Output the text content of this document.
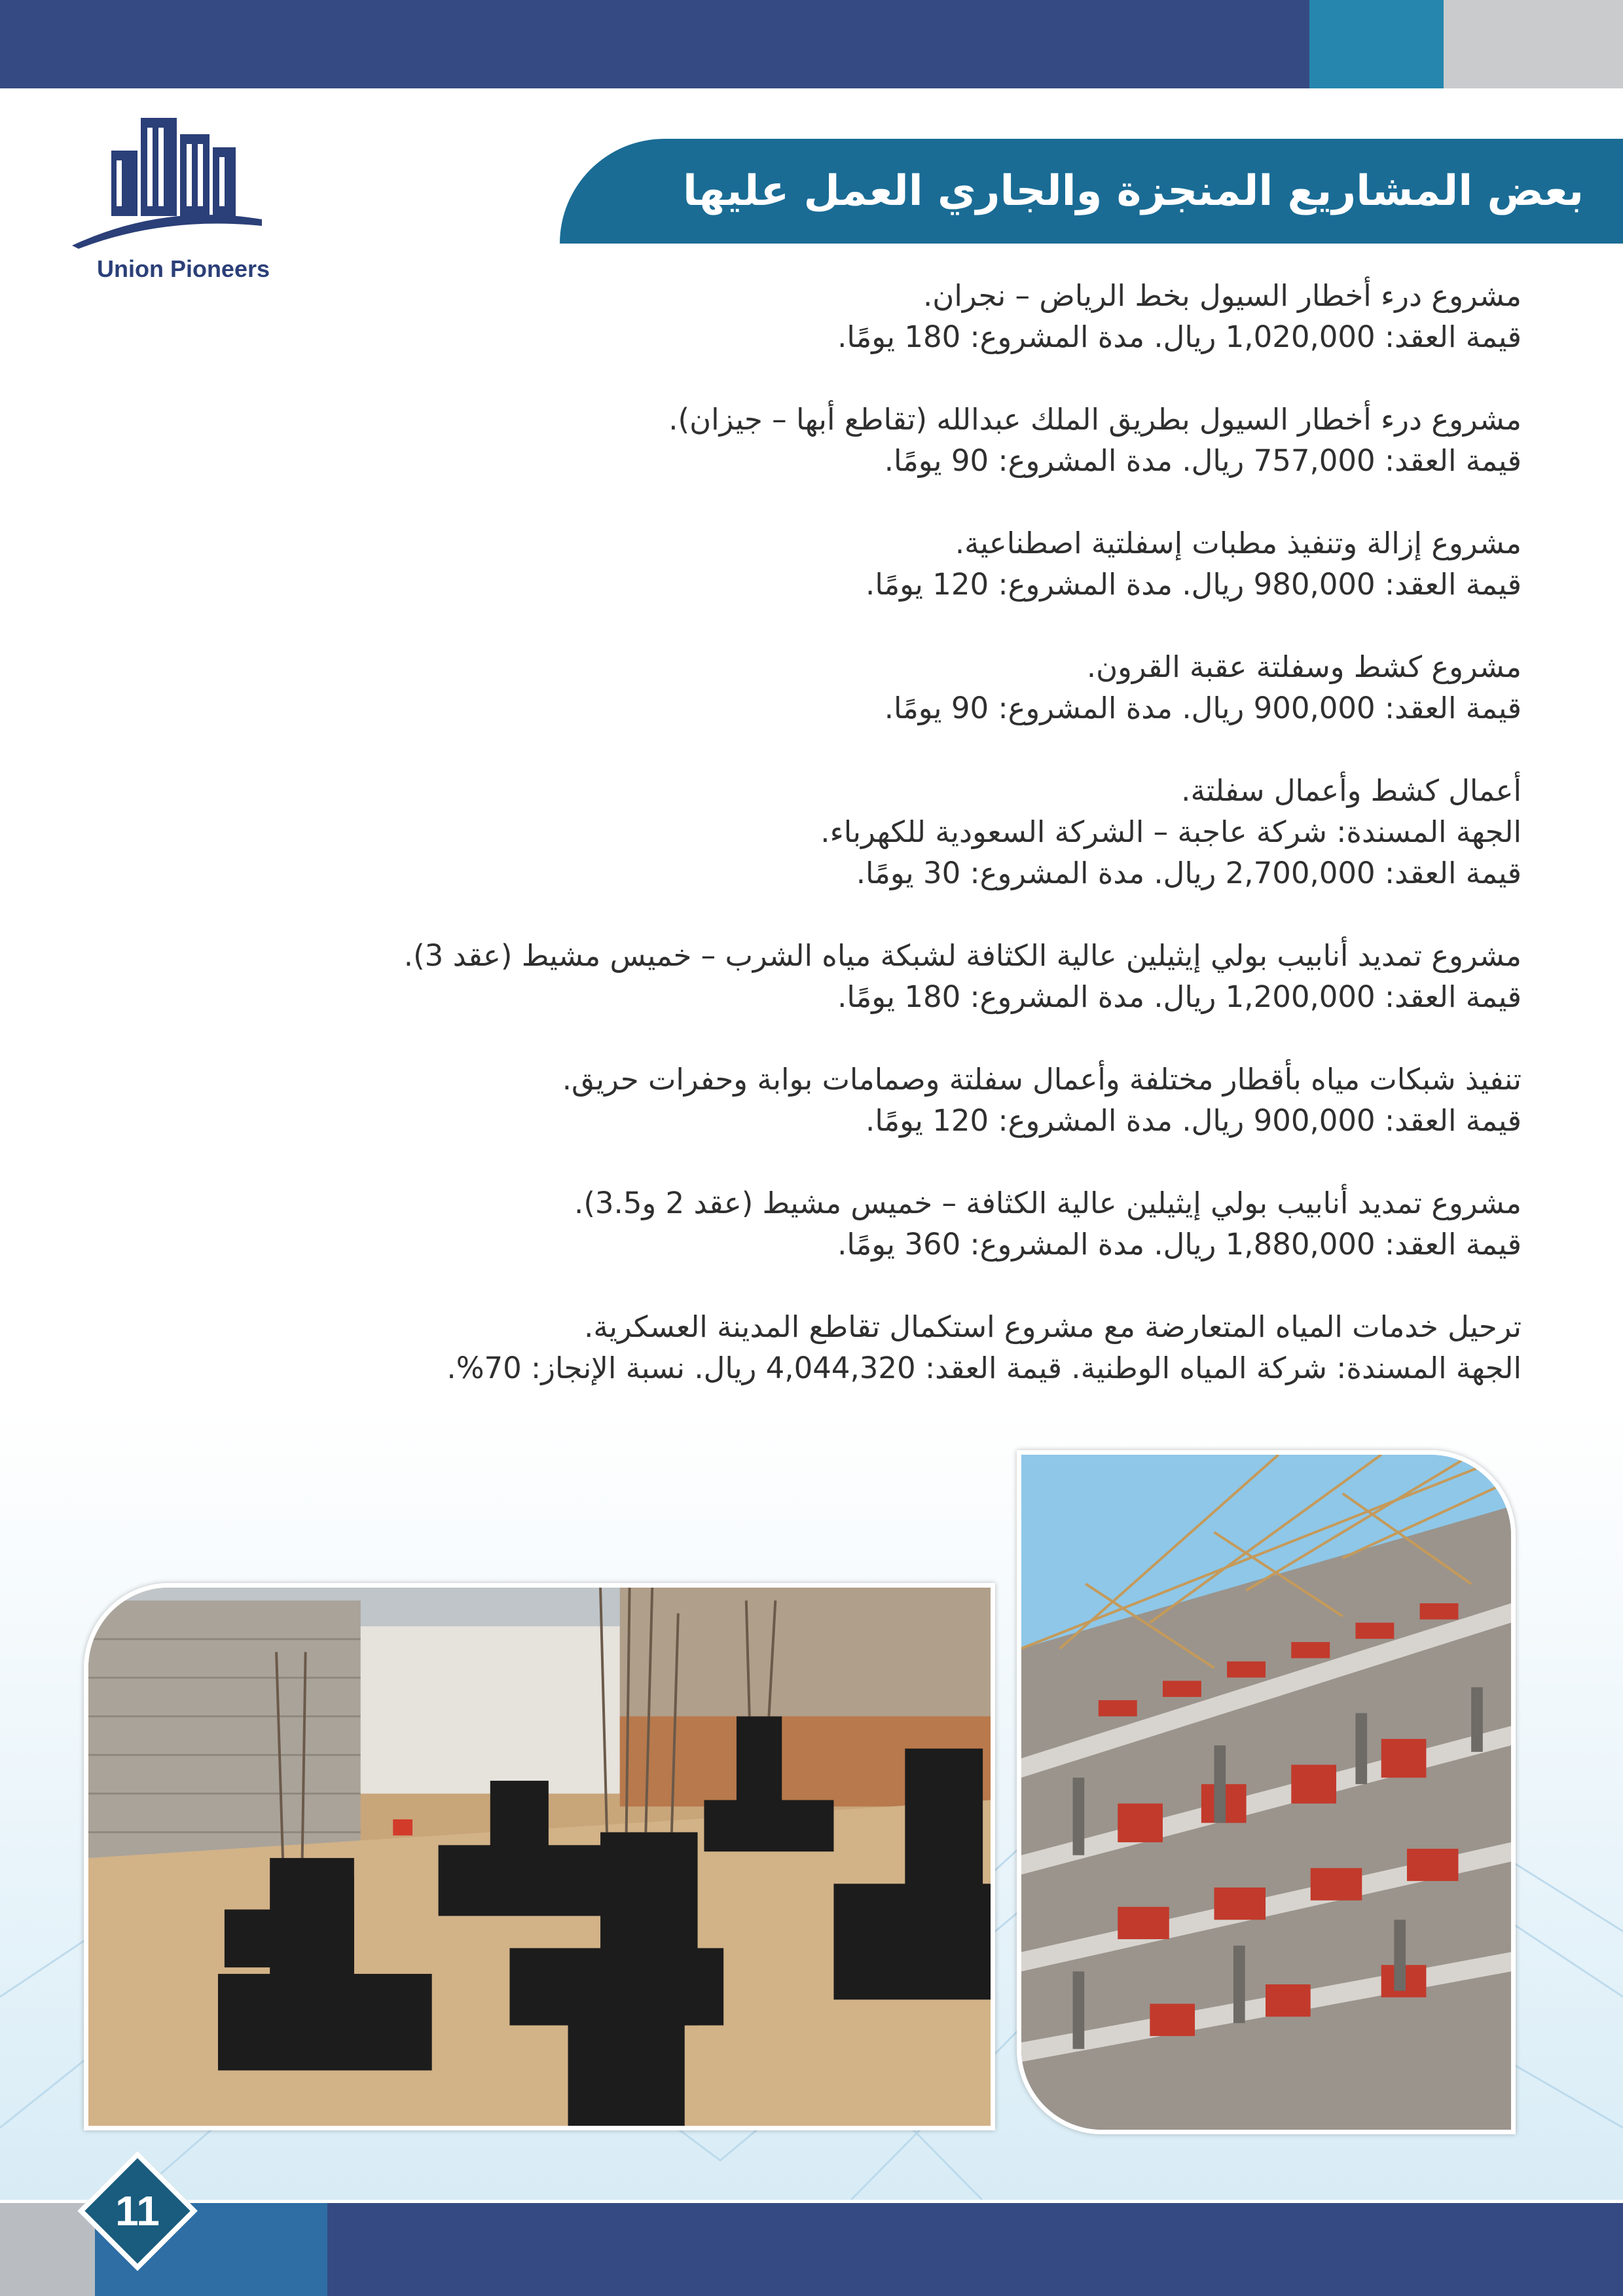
Union Pioneers
بعض المشاريع المنجزة والجاري العمل عليها

مشروع درء أخطار السيول بخط الرياض – نجران.

قيمة العقد: 1,020,000 ريال. مدة المشروع: 180 يومًا.

مشروع درء أخطار السيول بطريق الملك عبدالله (تقاطع أبها – جيزان).

قيمة العقد: 757,000 ريال. مدة المشروع: 90 يومًا.

مشروع إزالة وتنفيذ مطبات إسفلتية اصطناعية.

قيمة العقد: 980,000 ريال. مدة المشروع: 120 يومًا.

مشروع كشط وسفلتة عقبة القرون.

قيمة العقد: 900,000 ريال. مدة المشروع: 90 يومًا.

أعمال كشط وأعمال سفلتة.

الجهة المسندة: شركة عاجبة – الشركة السعودية للكهرباء.

قيمة العقد: 2,700,000 ريال. مدة المشروع: 30 يومًا.

مشروع تمديد أنابيب بولي إيثيلين عالية الكثافة لشبكة مياه الشرب – خميس مشيط (عقد 3).

قيمة العقد: 1,200,000 ريال. مدة المشروع: 180 يومًا.

تنفيذ شبكات مياه بأقطار مختلفة وأعمال سفلتة وصمامات بوابة وحفرات حريق.

قيمة العقد: 900,000 ريال. مدة المشروع: 120 يومًا.

مشروع تمديد أنابيب بولي إيثيلين عالية الكثافة – خميس مشيط (عقد 2 و3.5).

قيمة العقد: 1,880,000 ريال. مدة المشروع: 360 يومًا.

ترحيل خدمات المياه المتعارضة مع مشروع استكمال تقاطع المدينة العسكرية.

الجهة المسندة: شركة المياه الوطنية. قيمة العقد: 4,044,320 ريال. نسبة الإنجاز: 70%.

11
